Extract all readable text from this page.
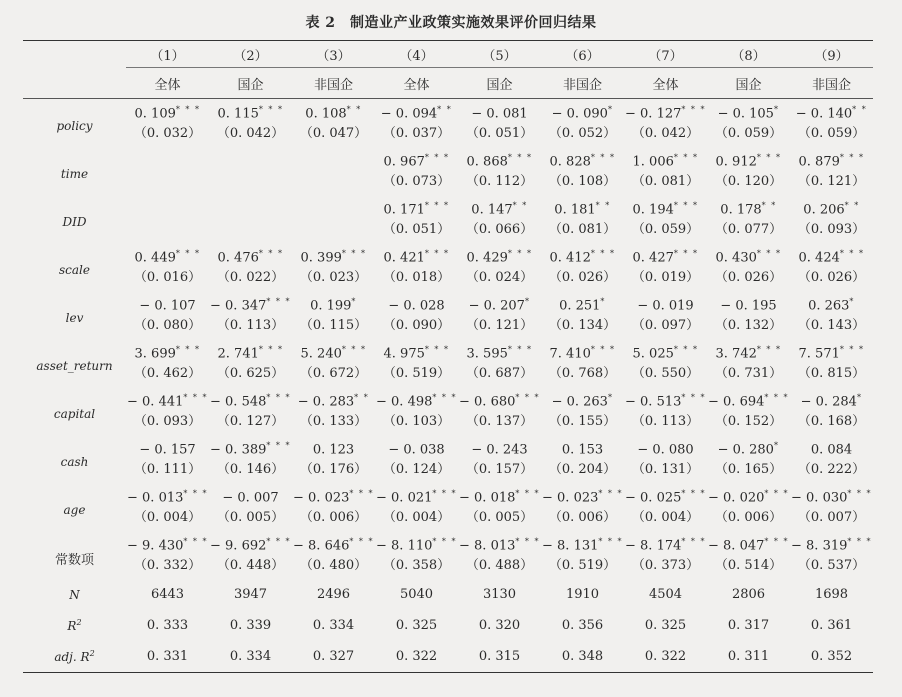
表 2　制造业产业政策实施效果评价回归结果
	（1）	（2）	（3）	（4）	（5）	（6）	（7）	（8）	（9）
	全体	国企	非国企	全体	国企	非国企	全体	国企	非国企
policy	0. 109* * *	0. 115* * *	0. 108* *	− 0. 094* *	− 0. 081	− 0. 090*	− 0. 127* * *	− 0. 105*	− 0. 140* *
	（0. 032）	（0. 042）	（0. 047）	（0. 037）	（0. 051）	（0. 052）	（0. 042）	（0. 059）	（0. 059）
time				0. 967* * *	0. 868* * *	0. 828* * *	1. 006* * *	0. 912* * *	0. 879* * *
				（0. 073）	（0. 112）	（0. 108）	（0. 081）	（0. 120）	（0. 121）
DID				0. 171* * *	0. 147* *	0. 181* *	0. 194* * *	0. 178* *	0. 206* *
				（0. 051）	（0. 066）	（0. 081）	（0. 059）	（0. 077）	（0. 093）
scale	0. 449* * *	0. 476* * *	0. 399* * *	0. 421* * *	0. 429* * *	0. 412* * *	0. 427* * *	0. 430* * *	0. 424* * *
	（0. 016）	（0. 022）	（0. 023）	（0. 018）	（0. 024）	（0. 026）	（0. 019）	（0. 026）	（0. 026）
lev	− 0. 107	− 0. 347* * *	0. 199*	− 0. 028	− 0. 207*	0. 251*	− 0. 019	− 0. 195	0. 263*
	（0. 080）	（0. 113）	（0. 115）	（0. 090）	（0. 121）	（0. 134）	（0. 097）	（0. 132）	（0. 143）
asset_return	3. 699* * *	2. 741* * *	5. 240* * *	4. 975* * *	3. 595* * *	7. 410* * *	5. 025* * *	3. 742* * *	7. 571* * *
	（0. 462）	（0. 625）	（0. 672）	（0. 519）	（0. 687）	（0. 768）	（0. 550）	（0. 731）	（0. 815）
capital	− 0. 441* * *	− 0. 548* * *	− 0. 283* *	− 0. 498* * *	− 0. 680* * *	− 0. 263*	− 0. 513* * *	− 0. 694* * *	− 0. 284*
	（0. 093）	（0. 127）	（0. 133）	（0. 103）	（0. 137）	（0. 155）	（0. 113）	（0. 152）	（0. 168）
cash	− 0. 157	− 0. 389* * *	0. 123	− 0. 038	− 0. 243	0. 153	− 0. 080	− 0. 280*	0. 084
	（0. 111）	（0. 146）	（0. 176）	（0. 124）	（0. 157）	（0. 204）	（0. 131）	（0. 165）	（0. 222）
age	− 0. 013* * *	− 0. 007	− 0. 023* * *	− 0. 021* * *	− 0. 018* * *	− 0. 023* * *	− 0. 025* * *	− 0. 020* * *	− 0. 030* * *
	（0. 004）	（0. 005）	（0. 006）	（0. 004）	（0. 005）	（0. 006）	（0. 004）	（0. 006）	（0. 007）
常数项	− 9. 430* * *	− 9. 692* * *	− 8. 646* * *	− 8. 110* * *	− 8. 013* * *	− 8. 131* * *	− 8. 174* * *	− 8. 047* * *	− 8. 319* * *
	（0. 332）	（0. 448）	（0. 480）	（0. 358）	（0. 488）	（0. 519）	（0. 373）	（0. 514）	（0. 537）
N	6443	3947	2496	5040	3130	1910	4504	2806	1698
$R^2$	0. 333	0. 339	0. 334	0. 325	0. 320	0. 356	0. 325	0. 317	0. 361
adj. $R^2$	0. 331	0. 334	0. 327	0. 322	0. 315	0. 348	0. 322	0. 311	0. 352
